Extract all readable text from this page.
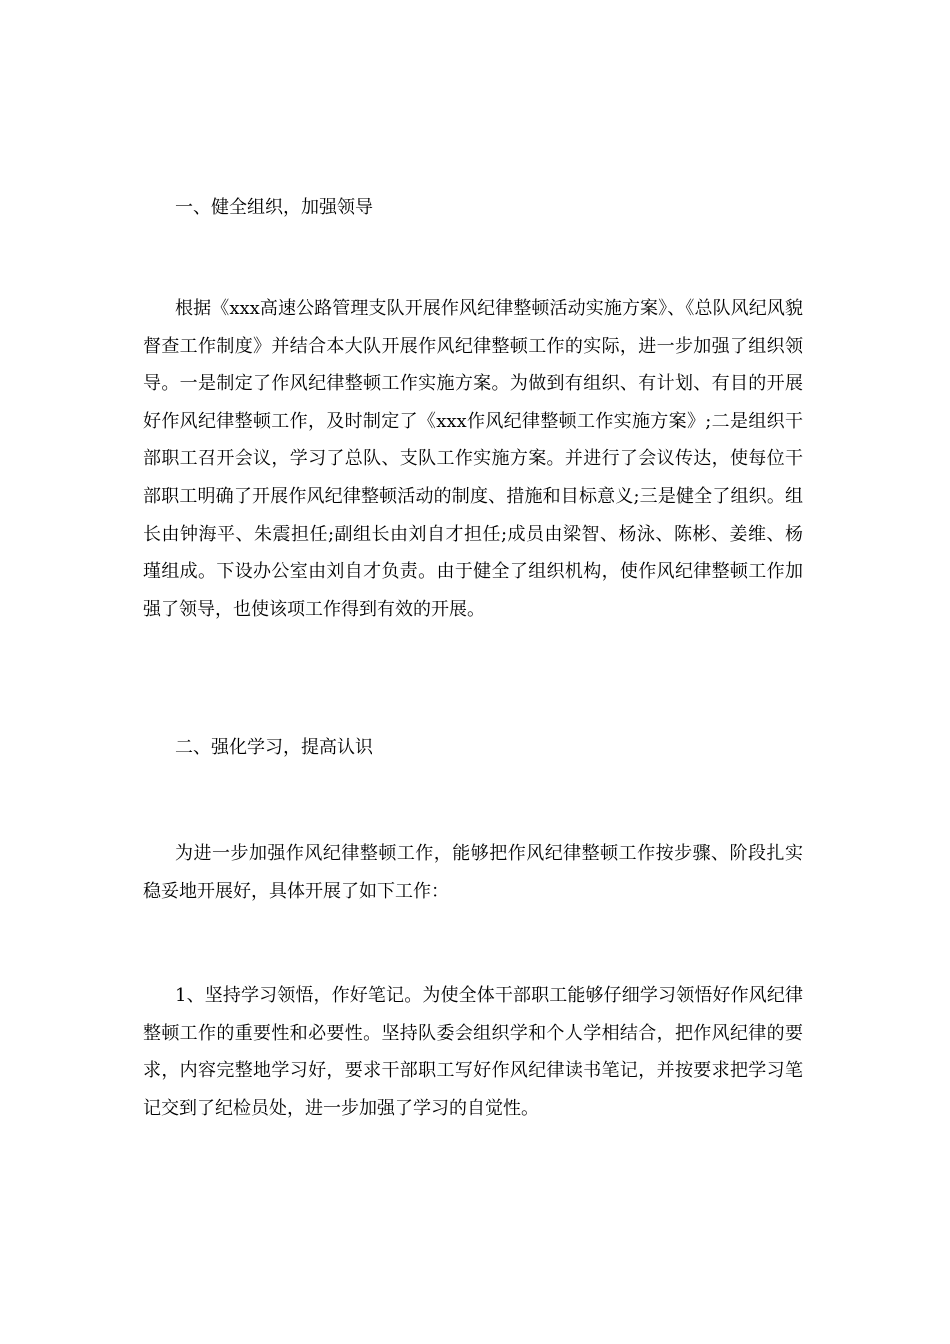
一、健全组织，加强领导

根据《xxx高速公路管理支队开展作风纪律整顿活动实施方案》、《总队风纪风貌督查工作制度》并结合本大队开展作风纪律整顿工作的实际，进一步加强了组织领导。一是制定了作风纪律整顿工作实施方案。为做到有组织、有计划、有目的开展好作风纪律整顿工作，及时制定了《xxx作风纪律整顿工作实施方案》;二是组织干部职工召开会议，学习了总队、支队工作实施方案。并进行了会议传达，使每位干部职工明确了开展作风纪律整顿活动的制度、措施和目标意义;三是健全了组织。组长由钟海平、朱震担任;副组长由刘自才担任;成员由梁智、杨泳、陈彬、姜维、杨瑾组成。下设办公室由刘自才负责。由于健全了组织机构，使作风纪律整顿工作加强了领导，也使该项工作得到有效的开展。

二、强化学习，提高认识

为进一步加强作风纪律整顿工作，能够把作风纪律整顿工作按步骤、阶段扎实稳妥地开展好，具体开展了如下工作：

1、坚持学习领悟，作好笔记。为使全体干部职工能够仔细学习领悟好作风纪律整顿工作的重要性和必要性。坚持队委会组织学和个人学相结合，把作风纪律的要求，内容完整地学习好，要求干部职工写好作风纪律读书笔记，并按要求把学习笔记交到了纪检员处，进一步加强了学习的自觉性。
